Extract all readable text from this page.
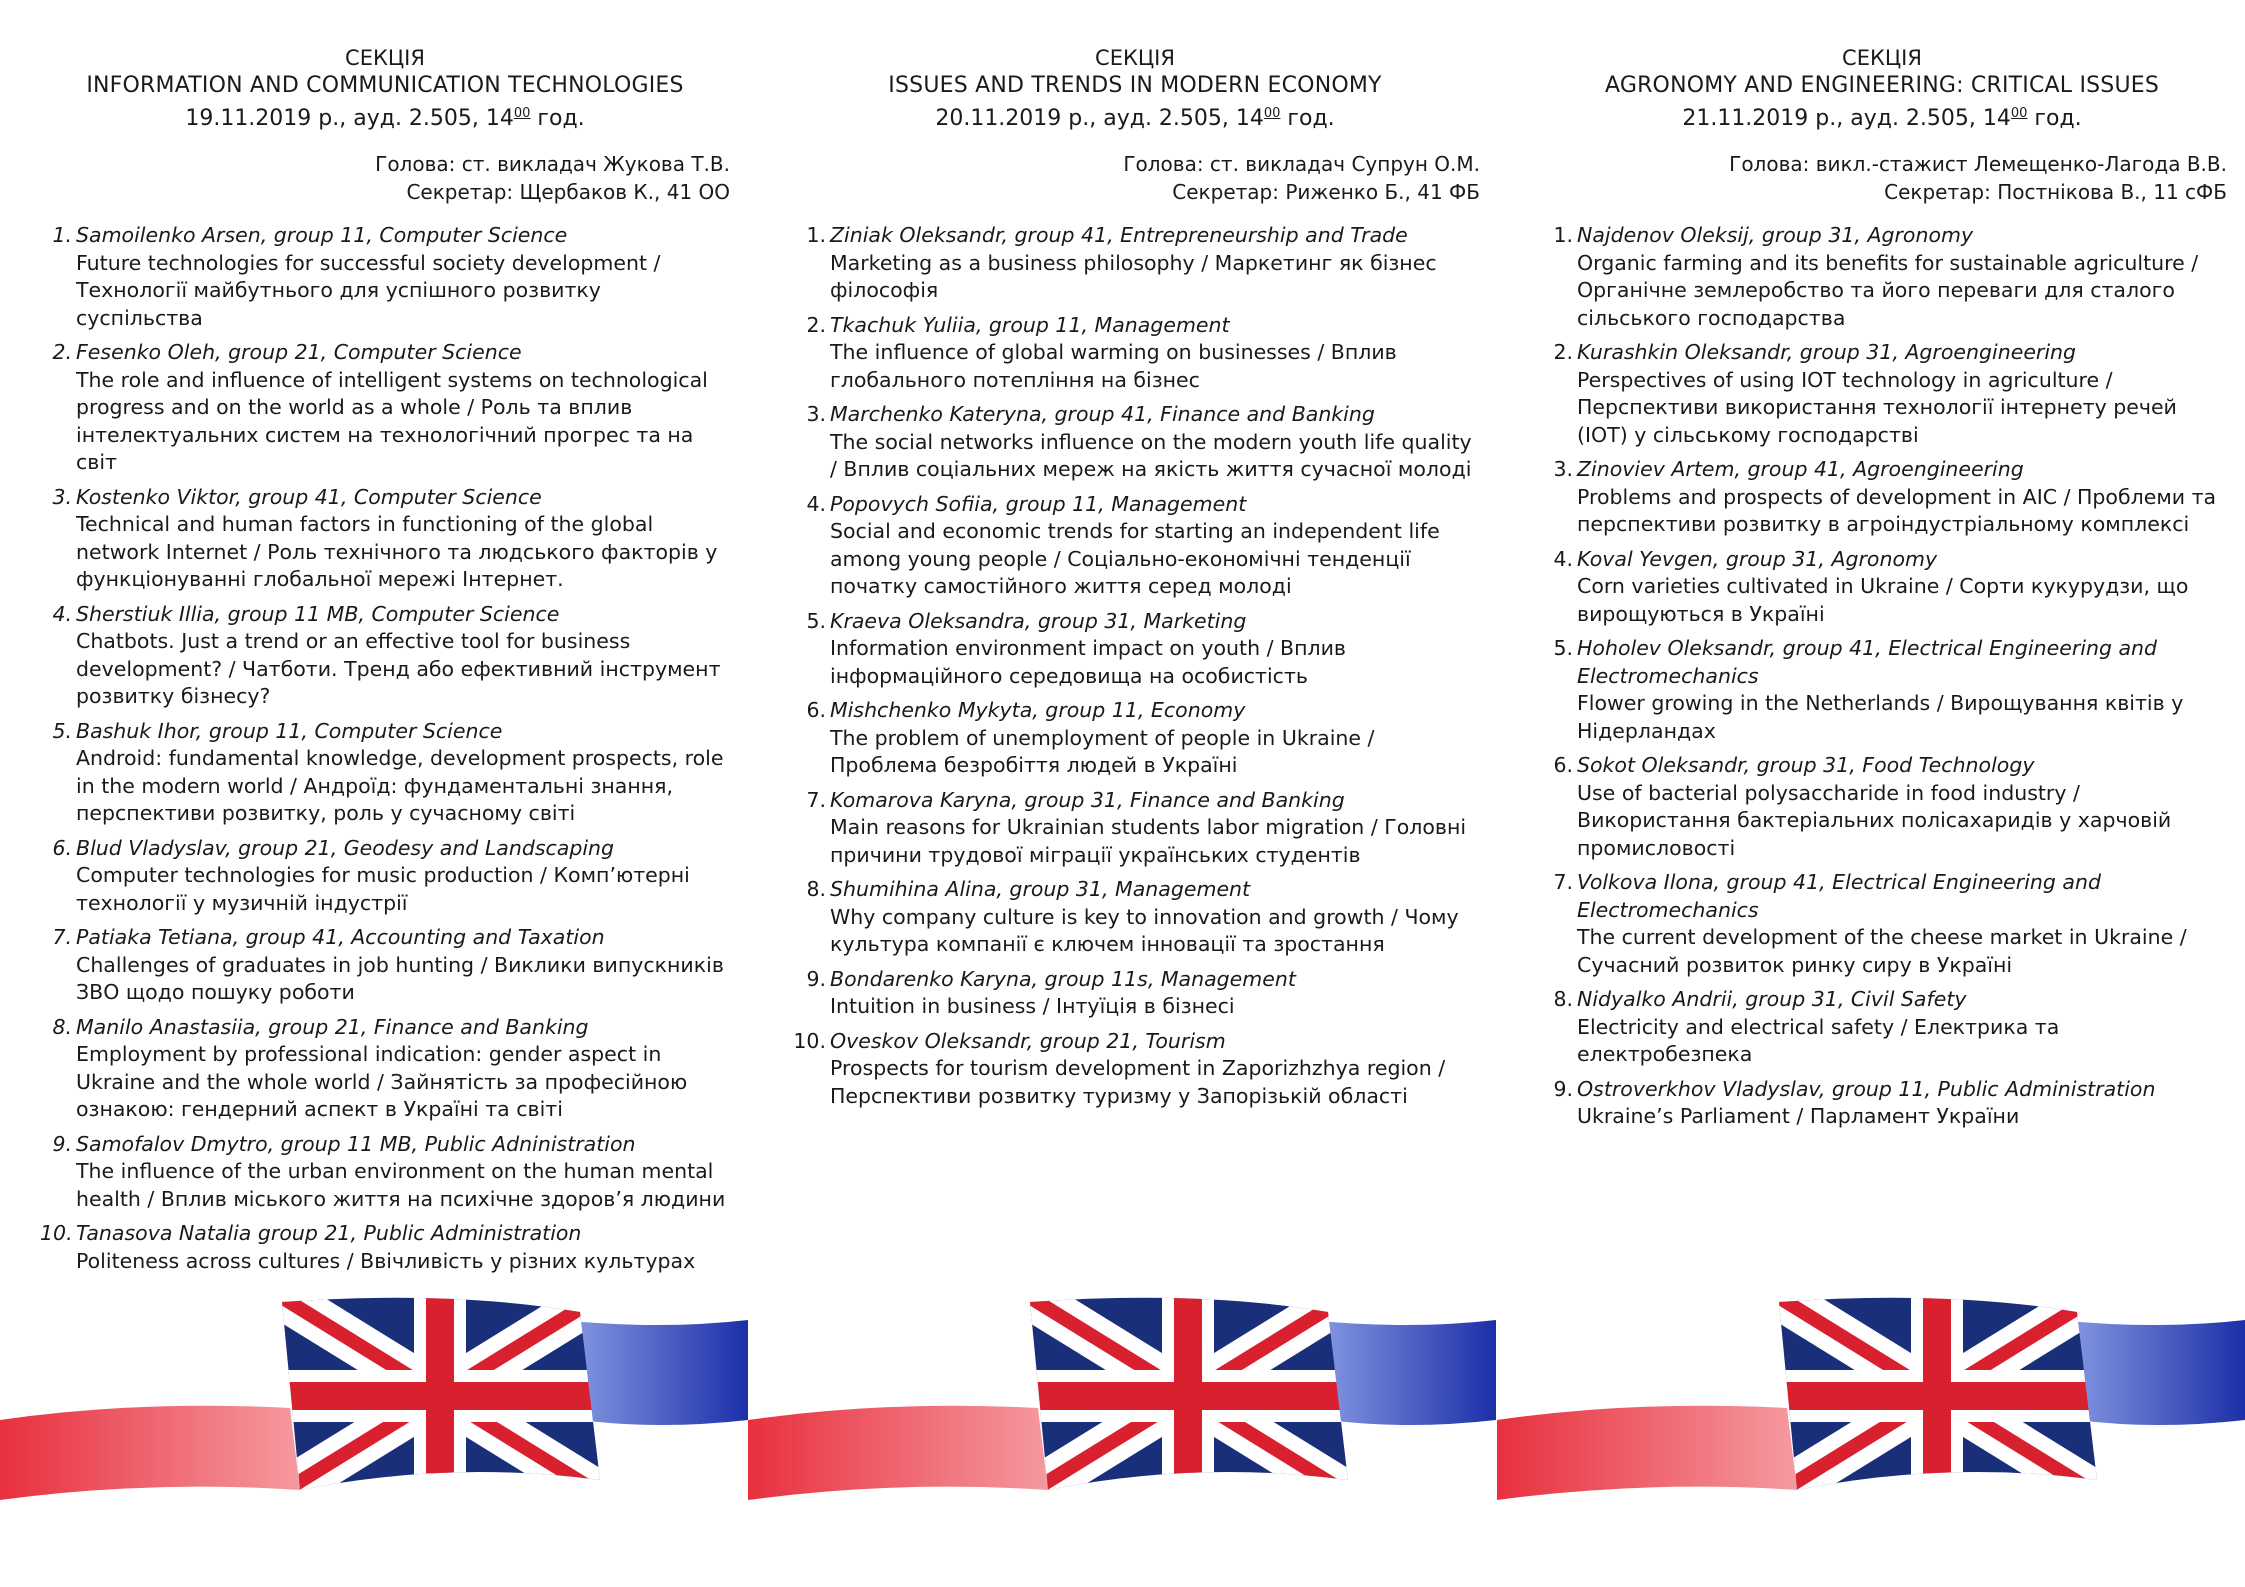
СЕКЦІЯ
INFORMATION AND COMMUNICATION TECHNOLOGIES
19.11.2019 р., ауд. 2.505, $14^{00}$ год.
Голова: ст. викладач Жукова Т.В.
Секретар: Щербаков К., 41 ОО
1. Samoilenko Arsen, group 11, Computer Science
Future technologies for successful society development / Технології майбутнього для успішного розвитку суспільства
2. Fesenko Oleh, group 21, Computer Science
The role and influence of intelligent systems on technological progress and on the world as a whole / Роль та вплив інтелектуальних систем на технологічний прогрес та на світ
3. Kostenko Viktor, group 41, Computer Science
Technical and human factors in functioning of the global network Internet / Роль технічного та людського факторів у функціонуванні глобальної мережі Інтернет.
4. Sherstiuk Illia, group 11 MB, Computer Science
Chatbots. Just a trend or an effective tool for business development? / Чатботи. Тренд або ефективний інструмент розвитку бізнесу?
5. Bashuk Ihor, group 11, Computer Science
Android: fundamental knowledge, development prospects, role in the modern world / Андроїд: фундаментальні знання, перспективи розвитку, роль у сучасному світі
6. Blud Vladyslav, group 21, Geodesy and Landscaping
Computer technologies for music production / Комп’ютерні технології у музичній індустрії
7. Patiaka Tetiana, group 41, Accounting and Taxation
Challenges of graduates in job hunting / Виклики випускників ЗВО щодо пошуку роботи
8. Manilo Anastasiia, group 21, Finance and Banking
Employment by professional indication: gender aspect in Ukraine and the whole world / Зайнятість за професійною ознакою: гендерний аспект в Україні та світі
9. Samofalov Dmytro, group 11 MB, Public Adninistration
The influence of the urban environment on the human mental health / Вплив міського життя на психічне здоров’я людини
10. Tanasova Natalia group 21, Public Administration
Politeness across cultures / Ввічливість у різних культурах
СЕКЦІЯ
ISSUES AND TRENDS IN MODERN ECONOMY
20.11.2019 р., ауд. 2.505, $14^{00}$ год.
Голова: ст. викладач Супрун О.М.
Секретар: Риженко Б., 41 ФБ
1. Ziniak Oleksandr, group 41, Entrepreneurship and Trade
Marketing as a business philosophy / Маркетинг як бізнес філософія
2. Tkachuk Yuliia, group 11, Management
The influence of global warming on businesses / Вплив глобального потепління на бізнес
3. Marchenko Kateryna, group 41, Finance and Banking
The social networks influence on the modern youth life quality / Вплив соціальних мереж на якість життя сучасної молоді
4. Popovych Sofiia, group 11, Management
Social and economic trends for starting an independent life among young people / Соціально-економічні тенденції початку самостійного життя серед молоді
5. Kraeva Oleksandra, group 31, Marketing
Information environment impact on youth / Вплив інформаційного середовища на особистість
6. Mishchenko Mykyta, group 11, Economy
The problem of unemployment of people in Ukraine / Проблема безробіття людей в Україні
7. Komarova Karyna, group 31, Finance and Banking
Main reasons for Ukrainian students labor migration / Головні причини трудової міграції українських студентів
8. Shumihina Alina, group 31, Management
Why company culture is key to innovation and growth / Чому культура компанії є ключем інновації та зростання
9. Bondarenko Karyna, group 11s, Management
Intuition in business / Інтуїція в бізнесі
10. Oveskov Oleksandr, group 21, Tourism
Prospects for tourism development in Zaporizhzhya region / Перспективи розвитку туризму у Запорізькій області
СЕКЦІЯ
AGRONOMY AND ENGINEERING: CRITICAL ISSUES
21.11.2019 р., ауд. 2.505, $14^{00}$ год.
Голова: викл.-стажист Лемещенко-Лагода В.В.
Секретар: Постнікова В., 11 сФБ
1. Najdenov Oleksij, group 31, Agronomy
Organic farming and its benefits for sustainable agriculture / Органічне землеробство та його переваги для сталого сільського господарства
2. Kurashkin Oleksandr, group 31, Agroengineering
Perspectives of using IOT technology in agriculture / Перспективи використання технології інтернету речей (IOT) у сільському господарстві
3. Zinoviev Artem, group 41, Agroengineering
Problems and prospects of development in AIC / Проблеми та перспективи розвитку в агроіндустріальному комплексі
4. Koval Yevgen, group 31, Agronomy
Corn varieties cultivated in Ukraine / Сорти кукурудзи, що вирощуються в Україні
5. Hoholev Oleksandr, group 41, Electrical Engineering and Electromechanics
Flower growing in the Netherlands / Вирощування квітів у Нідерландах
6. Sokot Oleksandr, group 31, Food Technology
Use of bacterial polysaccharide in food industry / Використання бактеріальних полісахаридів у харчовій промисловості
7. Volkova Ilona, group 41, Electrical Engineering and Electromechanics
The current development of the cheese market in Ukraine / Сучасний розвиток ринку сиру в Україні
8. Nidyalko Andrii, group 31, Civil Safety
Electricity and electrical safety / Електрика та електробезпека
9. Ostroverkhov Vladyslav, group 11, Public Administration
Ukraine’s Parliament / Парламент України
